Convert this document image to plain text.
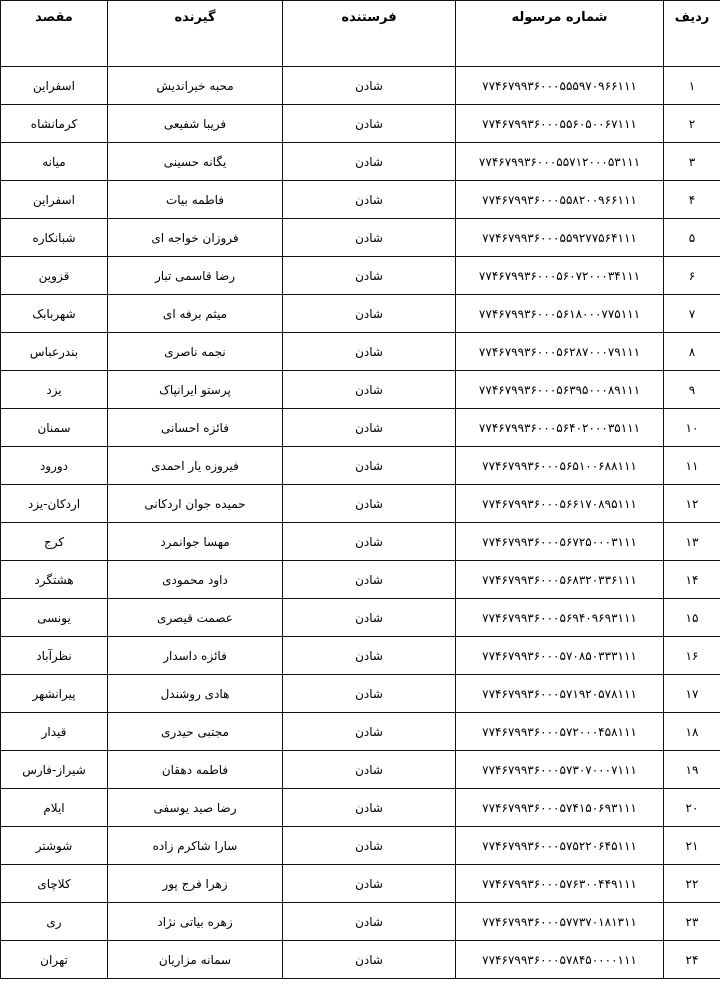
ردیف	شماره مرسوله	فرستنده	گیرنده	مقصد
۱	۷۷۴۶۷۹۹۳۶۰۰۰۵۵۵۹۷۰۹۶۶۱۱۱	شادن	محبه خیراندیش	اسفراین
۲	۷۷۴۶۷۹۹۳۶۰۰۰۵۵۶۰۵۰۰۶۷۱۱۱	شادن	فریبا شفیعی	کرمانشاه
۳	۷۷۴۶۷۹۹۳۶۰۰۰۵۵۷۱۲۰۰۰۵۳۱۱۱	شادن	یگانه حسینی	میانه
۴	۷۷۴۶۷۹۹۳۶۰۰۰۵۵۸۲۰۰۹۶۶۱۱۱	شادن	فاطمه بیات	اسفراین
۵	۷۷۴۶۷۹۹۳۶۰۰۰۵۵۹۲۷۷۵۶۴۱۱۱	شادن	فروزان خواجه ای	شبانکاره
۶	۷۷۴۶۷۹۹۳۶۰۰۰۵۶۰۷۲۰۰۰۳۴۱۱۱	شادن	رضا قاسمی تبار	قزوین
۷	۷۷۴۶۷۹۹۳۶۰۰۰۵۶۱۸۰۰۰۷۷۵۱۱۱	شادن	میثم برفه ای	شهربابک
۸	۷۷۴۶۷۹۹۳۶۰۰۰۵۶۲۸۷۰۰۰۷۹۱۱۱	شادن	نجمه ناصری	بندرعباس
۹	۷۷۴۶۷۹۹۳۶۰۰۰۵۶۳۹۵۰۰۰۸۹۱۱۱	شادن	پرستو ایرانپاک	یزد
۱۰	۷۷۴۶۷۹۹۳۶۰۰۰۵۶۴۰۲۰۰۰۳۵۱۱۱	شادن	فائزه احسانی	سمنان
۱۱	۷۷۴۶۷۹۹۳۶۰۰۰۵۶۵۱۰۰۶۸۸۱۱۱	شادن	فیروزه یار احمدی	دورود
۱۲	۷۷۴۶۷۹۹۳۶۰۰۰۵۶۶۱۷۰۸۹۵۱۱۱	شادن	حمیده جوان اردکانی	اردکان-یزد
۱۳	۷۷۴۶۷۹۹۳۶۰۰۰۵۶۷۲۵۰۰۰۳۱۱۱	شادن	مهسا جوانمرد	کرج
۱۴	۷۷۴۶۷۹۹۳۶۰۰۰۵۶۸۳۲۰۳۳۶۱۱۱	شادن	داود محمودی	هشتگرد
۱۵	۷۷۴۶۷۹۹۳۶۰۰۰۵۶۹۴۰۹۶۹۳۱۱۱	شادن	عصمت قیصری	یونسی
۱۶	۷۷۴۶۷۹۹۳۶۰۰۰۵۷۰۸۵۰۳۳۳۱۱۱	شادن	فائزه داسدار	نظرآباد
۱۷	۷۷۴۶۷۹۹۳۶۰۰۰۵۷۱۹۲۰۵۷۸۱۱۱	شادن	هادی روشندل	پیرانشهر
۱۸	۷۷۴۶۷۹۹۳۶۰۰۰۵۷۲۰۰۰۴۵۸۱۱۱	شادن	مجتبی حیدری	قیدار
۱۹	۷۷۴۶۷۹۹۳۶۰۰۰۵۷۳۰۷۰۰۰۷۱۱۱	شادن	فاطمه دهقان	شیراز-فارس
۲۰	۷۷۴۶۷۹۹۳۶۰۰۰۵۷۴۱۵۰۶۹۳۱۱۱	شادن	رضا صید یوسفی	ایلام
۲۱	۷۷۴۶۷۹۹۳۶۰۰۰۵۷۵۲۲۰۶۴۵۱۱۱	شادن	سارا شاکرم زاده	شوشتر
۲۲	۷۷۴۶۷۹۹۳۶۰۰۰۵۷۶۳۰۰۴۴۹۱۱۱	شادن	زهرا فرج پور	کلاچای
۲۳	۷۷۴۶۷۹۹۳۶۰۰۰۵۷۷۳۷۰۱۸۱۳۱۱	شادن	زهره بیاتی نژاد	ری
۲۴	۷۷۴۶۷۹۹۳۶۰۰۰۵۷۸۴۵۰۰۰۰۱۱۱	شادن	سمانه مزاریان	تهران
